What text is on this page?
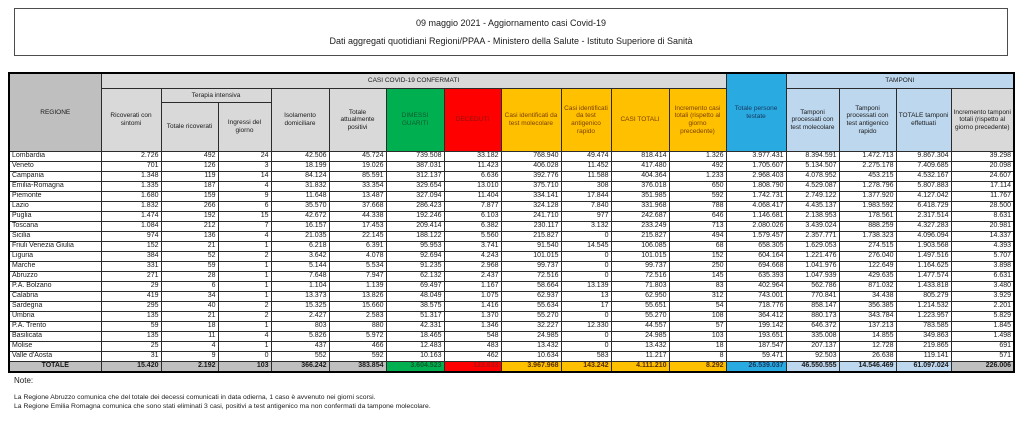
09 maggio 2021 - Aggiornamento casi Covid-19
Dati aggregati quotidiani Regioni/PPAA - Ministero della Salute - Istituto Superiore di Sanità
REGIONE	CASI COVID-19 CONFERMATI											Totale persone testate	TAMPONI			
	Ricoverati con sintomi	Terapia intensiva		Isolamento domiciliare	Totale attualmente positivi	DIMESSI GUARITI	DECEDUTI	Casi identificati da test molecolare	Casi identificati da test antigenico rapido	CASI TOTALI	Incremento casi totali (rispetto al giorno precedente)		Tamponi processati con test molecolare	Tamponi processati con test antigenico rapido	TOTALE tamponi effettuati	Incremento tamponi totali (rispetto al giorno precedente)
		Totale ricoverati	Ingressi del giorno													
Lombardia	2.726	492	24	42.506	45.724	739.508	33.182	768.940	49.474	818.414	1.326	3.977.431	8.394.591	1.472.713	9.867.304	39.298
Veneto	701	126	3	18.199	19.026	387.031	11.423	406.028	11.452	417.480	492	1.705.607	5.134.507	2.275.178	7.409.685	20.098
Campania	1.348	119	14	84.124	85.591	312.137	6.636	392.776	11.588	404.364	1.233	2.968.403	4.078.952	453.215	4.532.167	24.607
Emilia-Romagna	1.335	187	4	31.832	33.354	329.654	13.010	375.710	308	376.018	650	1.808.790	4.529.087	1.278.796	5.807.883	17.114
Piemonte	1.680	159	9	11.648	13.487	327.094	11.404	334.141	17.844	351.985	592	1.742.731	2.749.122	1.377.920	4.127.042	11.767
Lazio	1.832	266	6	35.570	37.668	286.423	7.877	324.128	7.840	331.968	788	4.068.417	4.435.137	1.983.592	6.418.729	28.500
Puglia	1.474	192	15	42.672	44.338	192.246	6.103	241.710	977	242.687	646	1.146.681	2.138.953	178.561	2.317.514	8.631
Toscana	1.084	212	7	16.157	17.453	209.414	6.382	230.117	3.132	233.249	713	2.080.026	3.439.024	888.259	4.327.283	20.981
Sicilia	974	136	4	21.035	22.145	188.122	5.560	215.827	0	215.827	494	1.579.457	2.357.771	1.738.323	4.096.094	14.337
Friuli Venezia Giulia	152	21	1	6.218	6.391	95.953	3.741	91.540	14.545	106.085	68	658.305	1.629.053	274.515	1.903.568	4.393
Liguria	384	52	2	3.642	4.078	92.694	4.243	101.015	0	101.015	152	604.164	1.221.476	276.040	1.497.516	5.707
Marche	331	59	1	5.144	5.534	91.235	2.968	99.737	0	99.737	250	694.668	1.041.976	122.649	1.164.625	3.898
Abruzzo	271	28	1	7.648	7.947	62.132	2.437	72.516	0	72.516	145	635.393	1.047.939	429.635	1.477.574	6.631
P.A. Bolzano	29	6	1	1.104	1.139	69.497	1.167	58.664	13.139	71.803	83	402.964	562.786	871.032	1.433.818	3.480
Calabria	419	34	1	13.373	13.826	48.049	1.075	62.937	13	62.950	312	743.001	770.841	34.438	805.279	3.929
Sardegna	295	40	2	15.325	15.660	38.575	1.416	55.634	17	55.651	54	718.776	858.147	356.385	1.214.532	2.201
Umbria	135	21	2	2.427	2.583	51.317	1.370	55.270	0	55.270	108	364.412	880.173	343.784	1.223.957	5.829
P.A. Trento	59	18	1	803	880	42.331	1.346	32.227	12.330	44.557	57	199.142	646.372	137.213	783.585	1.845
Basilicata	135	11	4	5.826	5.972	18.465	548	24.985	0	24.985	103	193.651	335.008	14.855	349.863	1.498
Molise	25	4	1	437	466	12.483	483	13.432	0	13.432	18	187.547	207.137	12.728	219.865	691
Valle d'Aosta	31	9	0	552	592	10.163	462	10.634	583	11.217	8	59.471	92.503	26.638	119.141	571
TOTALE	15.420	2.192	103	366.242	383.854	3.604.523	122.833	3.967.968	143.242	4.111.210	8.292	26.539.037	46.550.555	14.546.469	61.097.024	226.006
Note:
La Regione Abruzzo comunica che del totale dei decessi comunicati in data odierna, 1 caso è avvenuto nei giorni scorsi.
La Regione Emilia Romagna comunica che sono stati eliminati 3 casi, positivi a test antigenico ma non confermati da tampone molecolare.
